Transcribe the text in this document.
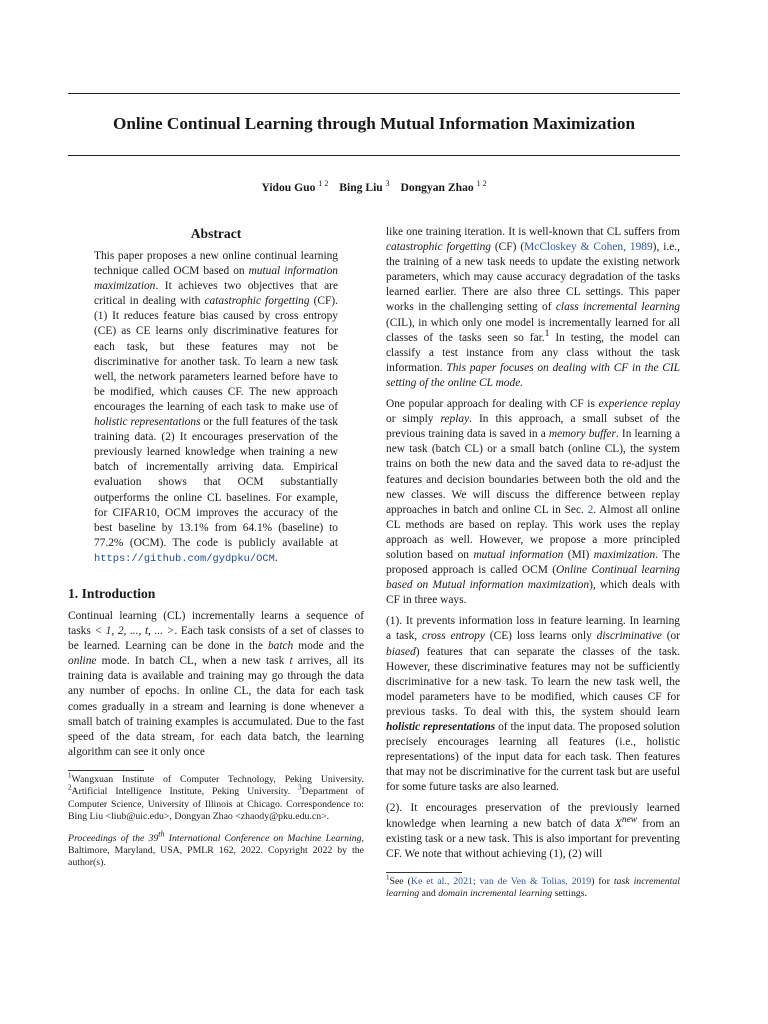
Online Continual Learning through Mutual Information Maximization
Yidou Guo $^{1 2}$ Bing Liu $^3$ Dongyan Zhao $^{1 2}$
Abstract

This paper proposes a new online continual learning technique called OCM based on mutual information maximization. It achieves two objectives that are critical in dealing with catastrophic forgetting (CF). (1) It reduces feature bias caused by cross entropy (CE) as CE learns only discriminative features for each task, but these features may not be discriminative for another task. To learn a new task well, the network parameters learned before have to be modified, which causes CF. The new approach encourages the learning of each task to make use of holistic representations or the full features of the task training data. (2) It encourages preservation of the previously learned knowledge when training a new batch of incrementally arriving data. Empirical evaluation shows that OCM substantially outperforms the online CL baselines. For example, for CIFAR10, OCM improves the accuracy of the best baseline by 13.1% from 64.1% (baseline) to 77.2% (OCM). The code is publicly available at https://github.com/gydpku/OCM.

1. Introduction

Continual learning (CL) incrementally learns a sequence of tasks < 1, 2, ..., t, ... >. Each task consists of a set of classes to be learned. Learning can be done in the batch mode and the online mode. In batch CL, when a new task t arrives, all its training data is available and training may go through the data any number of epochs. In online CL, the data for each task comes gradually in a stream and learning is done whenever a small batch of training examples is accumulated. Due to the fast speed of the data stream, for each data batch, the learning algorithm can see it only once

$^1$Wangxuan Institute of Computer Technology, Peking University. $^2$Artificial Intelligence Institute, Peking University. $^3$Department of Computer Science, University of Illinois at Chicago. Correspondence to: Bing Liu <liub@uic.edu>, Dongyan Zhao <zhaody@pku.edu.cn>.

Proceedings of the 39th International Conference on Machine Learning, Baltimore, Maryland, USA, PMLR 162, 2022. Copyright 2022 by the author(s).

like one training iteration. It is well-known that CL suffers from catastrophic forgetting (CF) (McCloskey & Cohen, 1989), i.e., the training of a new task needs to update the existing network parameters, which may cause accuracy degradation of the tasks learned earlier. There are also three CL settings. This paper works in the challenging setting of class incremental learning (CIL), in which only one model is incrementally learned for all classes of the tasks seen so far.$^1$ In testing, the model can classify a test instance from any class without the task information. This paper focuses on dealing with CF in the CIL setting of the online CL mode.

One popular approach for dealing with CF is experience replay or simply replay. In this approach, a small subset of the previous training data is saved in a memory buffer. In learning a new task (batch CL) or a small batch (online CL), the system trains on both the new data and the saved data to re-adjust the features and decision boundaries between both the old and the new classes. We will discuss the difference between replay approaches in batch and online CL in Sec. 2. Almost all online CL methods are based on replay. This work uses the replay approach as well. However, we propose a more principled solution based on mutual information (MI) maximization. The proposed approach is called OCM (Online Continual learning based on Mutual information maximization), which deals with CF in three ways.

(1). It prevents information loss in feature learning. In learning a task, cross entropy (CE) loss learns only discriminative (or biased) features that can separate the classes of the task. However, these discriminative features may not be sufficiently discriminative for a new task. To learn the new task well, the model parameters have to be modified, which causes CF for previous tasks. To deal with this, the system should learn holistic representations of the input data. The proposed solution precisely encourages learning all features (i.e., holistic representations) of the input data for each task. Then features that may not be discriminative for the current task but are useful for some future tasks are also learned.

(2). It encourages preservation of the previously learned knowledge when learning a new batch of data $X^{new}$ from an existing task or a new task. This is also important for preventing CF. We note that without achieving (1), (2) will

$^1$See (Ke et al., 2021; van de Ven & Tolias, 2019) for task incremental learning and domain incremental learning settings.
